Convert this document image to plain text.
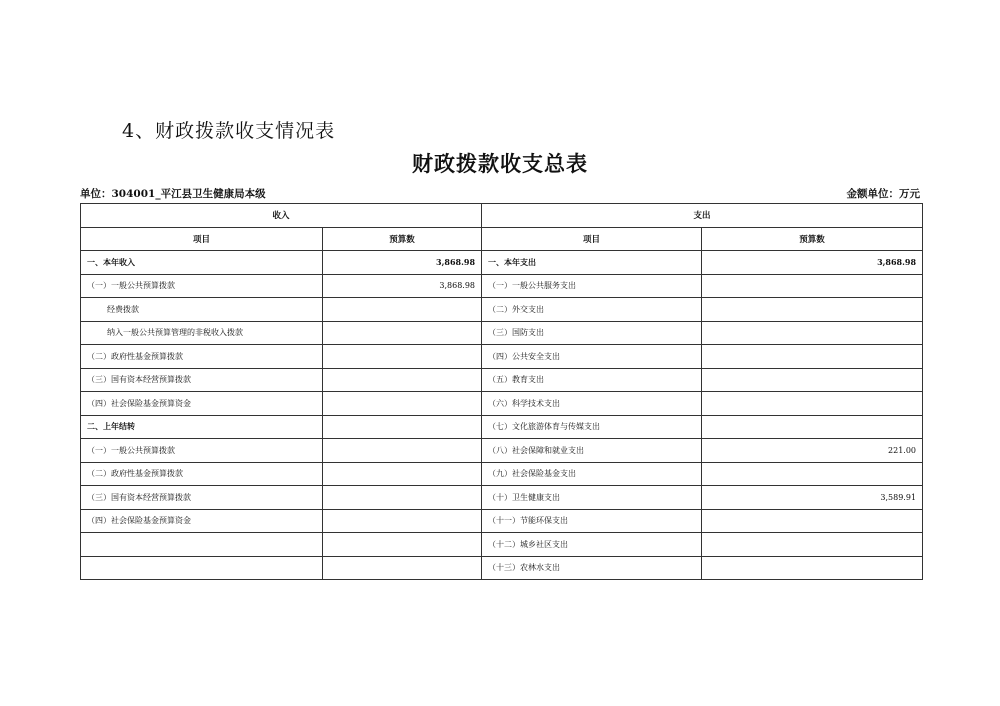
4、财政拨款收支情况表
财政拨款收支总表
单位：304001_平江县卫生健康局本级	金额单位：万元
收入		支出	
项目	预算数	项目	预算数
一、本年收入	3,868.98	一、本年支出	3,868.98
（一）一般公共预算拨款	3,868.98	（一）一般公共服务支出	
经费拨款		（二）外交支出	
纳入一般公共预算管理的非税收入拨款		（三）国防支出	
（二）政府性基金预算拨款		（四）公共安全支出	
（三）国有资本经营预算拨款		（五）教育支出	
（四）社会保险基金预算资金		（六）科学技术支出	
二、上年结转		（七）文化旅游体育与传媒支出	
（一）一般公共预算拨款		（八）社会保障和就业支出	221.00
（二）政府性基金预算拨款		（九）社会保险基金支出	
（三）国有资本经营预算拨款		（十）卫生健康支出	3,589.91
（四）社会保险基金预算资金		（十一）节能环保支出	
		（十二）城乡社区支出	
		（十三）农林水支出	
